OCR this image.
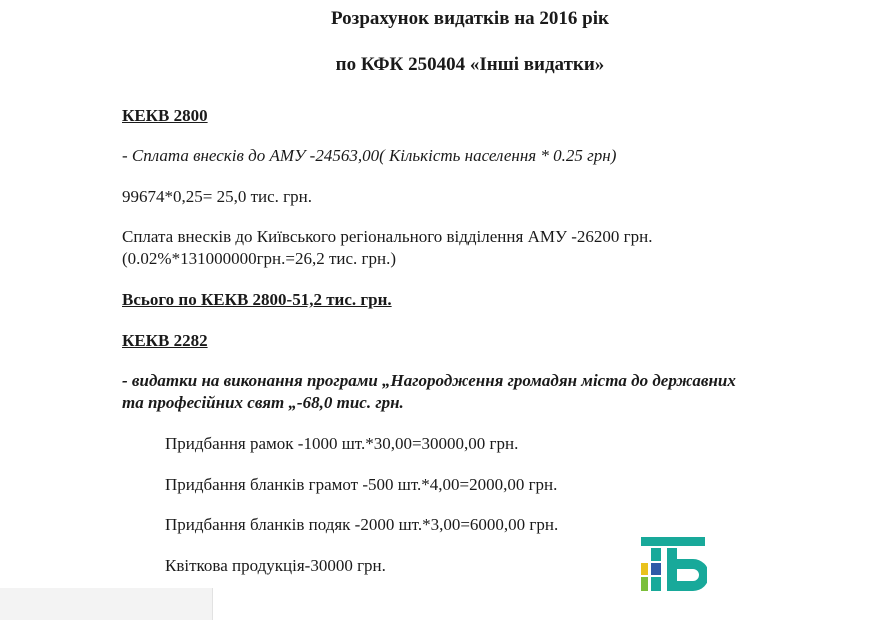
Розрахунок видатків на 2016 рік
по КФК 250404 «Інші видатки»
КЕКВ 2800
- Сплата внесків до АМУ -24563,00( Кількість населення * 0.25 грн)
99674*0,25= 25,0 тис. грн.
Сплата внесків до Київського регіонального відділення АМУ -26200 грн.
(0.02%*131000000грн.=26,2 тис. грн.)
Всього по КЕКВ 2800-51,2 тис. грн.
КЕКВ 2282
- видатки на виконання програми „Нагородження громадян міста до державних
та професійних свят „-68,0 тис. грн.
Придбання рамок -1000 шт.*30,00=30000,00 грн.
Придбання бланків грамот -500 шт.*4,00=2000,00 грн.
Придбання бланків подяк -2000 шт.*3,00=6000,00 грн.
Квіткова продукція-30000 грн.
